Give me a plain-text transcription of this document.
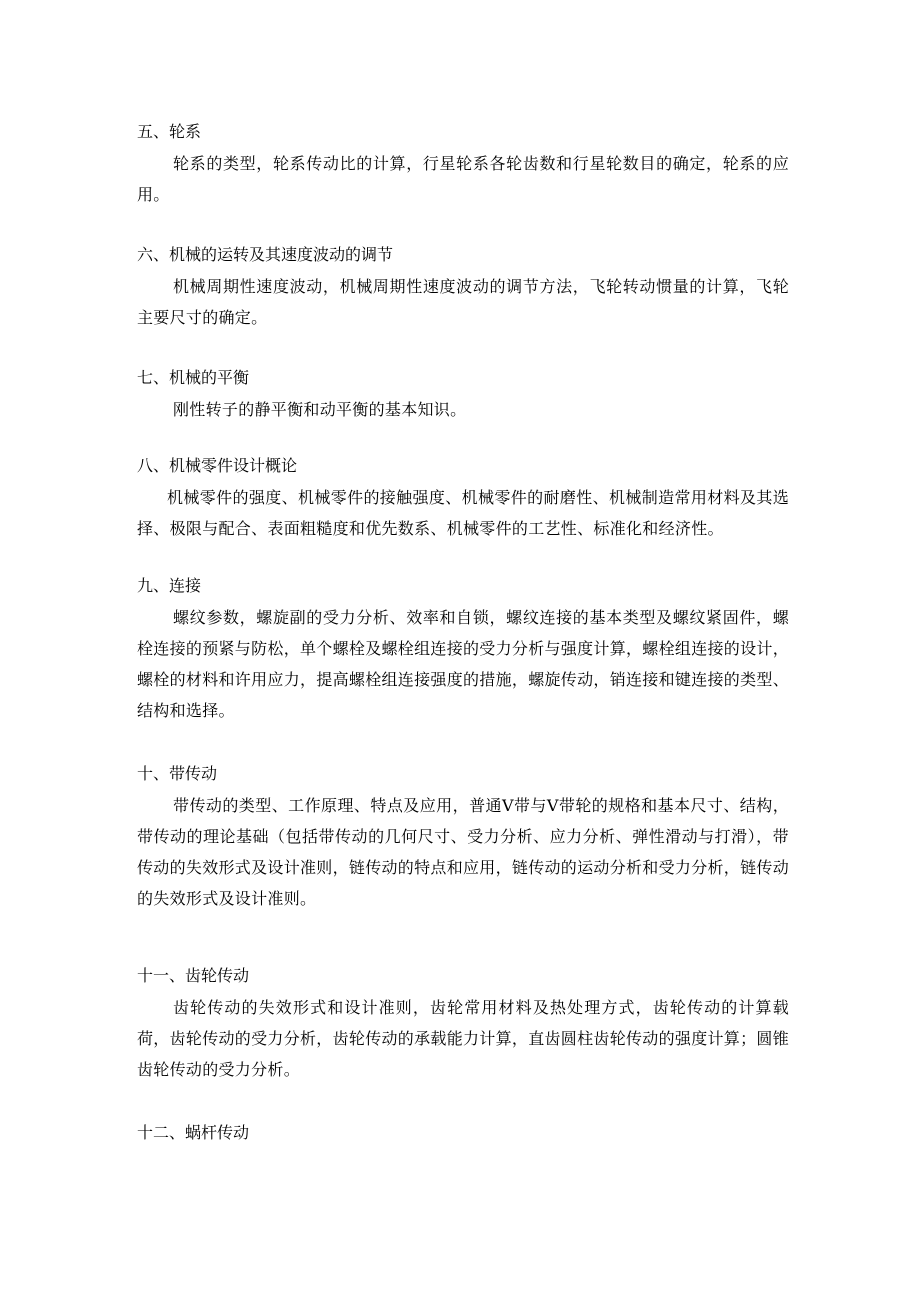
五、轮系

轮系的类型，轮系传动比的计算，行星轮系各轮齿数和行星轮数目的确定，轮系的应用。

六、机械的运转及其速度波动的调节

机械周期性速度波动，机械周期性速度波动的调节方法，飞轮转动惯量的计算，飞轮主要尺寸的确定。

七、机械的平衡

刚性转子的静平衡和动平衡的基本知识。

八、机械零件设计概论

机械零件的强度、机械零件的接触强度、机械零件的耐磨性、机械制造常用材料及其选择、极限与配合、表面粗糙度和优先数系、机械零件的工艺性、标准化和经济性。

九、连接

螺纹参数，螺旋副的受力分析、效率和自锁，螺纹连接的基本类型及螺纹紧固件，螺栓连接的预紧与防松，单个螺栓及螺栓组连接的受力分析与强度计算，螺栓组连接的设计，螺栓的材料和许用应力，提高螺栓组连接强度的措施，螺旋传动，销连接和键连接的类型、结构和选择。

十、带传动

带传动的类型、工作原理、特点及应用，普通V带与V带轮的规格和基本尺寸、结构，带传动的理论基础（包括带传动的几何尺寸、受力分析、应力分析、弹性滑动与打滑），带传动的失效形式及设计准则，链传动的特点和应用，链传动的运动分析和受力分析，链传动的失效形式及设计准则。

十一、齿轮传动

齿轮传动的失效形式和设计准则，齿轮常用材料及热处理方式，齿轮传动的计算载荷，齿轮传动的受力分析，齿轮传动的承载能力计算，直齿圆柱齿轮传动的强度计算；圆锥齿轮传动的受力分析。

十二、蜗杆传动
